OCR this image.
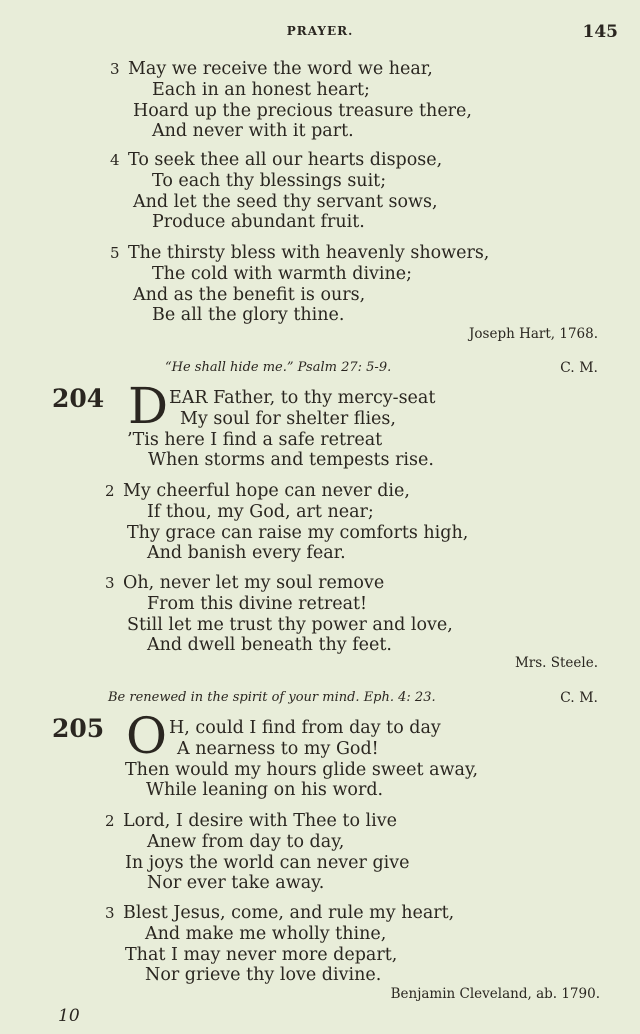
PRAYER.	145
3 May we receive the word we hear,
Each in an honest heart;
Hoard up the precious treasure there,
And never with it part.
4 To seek thee all our hearts dispose,
To each thy blessings suit;
And let the seed thy servant sows,
Produce abundant fruit.
5 The thirsty bless with heavenly showers,
The cold with warmth divine;
And as the benefit is ours,
Be all the glory thine.
Joseph Hart, 1768.
“He shall hide me.” Psalm 27: 5-9.	C. M.
204 D EAR Father, to thy mercy-seat
My soul for shelter flies,
’Tis here I find a safe retreat
When storms and tempests rise.
2 My cheerful hope can never die,
If thou, my God, art near;
Thy grace can raise my comforts high,
And banish every fear.
3 Oh, never let my soul remove
From this divine retreat!
Still let me trust thy power and love,
And dwell beneath thy feet.
Mrs. Steele.
Be renewed in the spirit of your mind. Eph. 4: 23.	C. M.
205 O H, could I find from day to day
A nearness to my God!
Then would my hours glide sweet away,
While leaning on his word.
2 Lord, I desire with Thee to live
Anew from day to day,
In joys the world can never give
Nor ever take away.
3 Blest Jesus, come, and rule my heart,
And make me wholly thine,
That I may never more depart,
Nor grieve thy love divine.
Benjamin Cleveland, ab. 1790.
10
